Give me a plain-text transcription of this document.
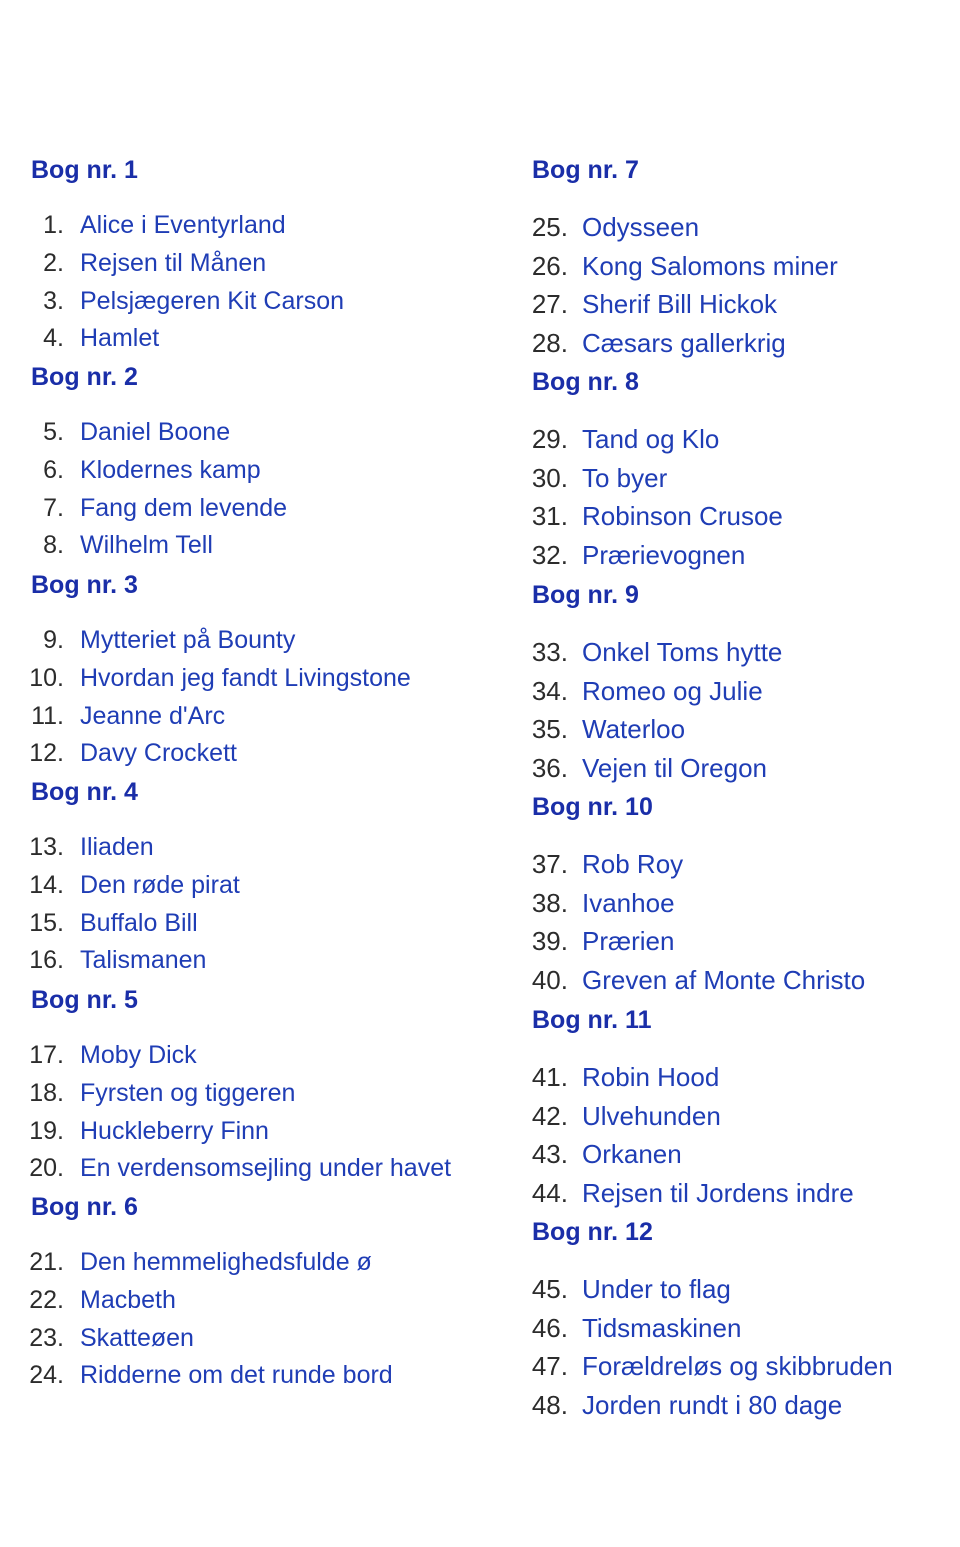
Bog nr. 1
1. Alice i Eventyrland
2. Rejsen til Månen
3. Pelsjægeren Kit Carson
4. Hamlet
Bog nr. 2
5. Daniel Boone
6. Klodernes kamp
7. Fang dem levende
8. Wilhelm Tell
Bog nr. 3
9. Mytteriet på Bounty
10. Hvordan jeg fandt Livingstone
11. Jeanne d'Arc
12. Davy Crockett
Bog nr. 4
13. Iliaden
14. Den røde pirat
15. Buffalo Bill
16. Talismanen
Bog nr. 5
17. Moby Dick
18. Fyrsten og tiggeren
19. Huckleberry Finn
20. En verdensomsejling under havet
Bog nr. 6
21. Den hemmelighedsfulde ø
22. Macbeth
23. Skatteøen
24. Ridderne om det runde bord
Bog nr. 7
25. Odysseen
26. Kong Salomons miner
27. Sherif Bill Hickok
28. Cæsars gallerkrig
Bog nr. 8
29. Tand og Klo
30. To byer
31. Robinson Crusoe
32. Prærievognen
Bog nr. 9
33. Onkel Toms hytte
34. Romeo og Julie
35. Waterloo
36. Vejen til Oregon
Bog nr. 10
37. Rob Roy
38. Ivanhoe
39. Prærien
40. Greven af Monte Christo
Bog nr. 11
41. Robin Hood
42. Ulvehunden
43. Orkanen
44. Rejsen til Jordens indre
Bog nr. 12
45. Under to flag
46. Tidsmaskinen
47. Forældreløs og skibbruden
48. Jorden rundt i 80 dage
